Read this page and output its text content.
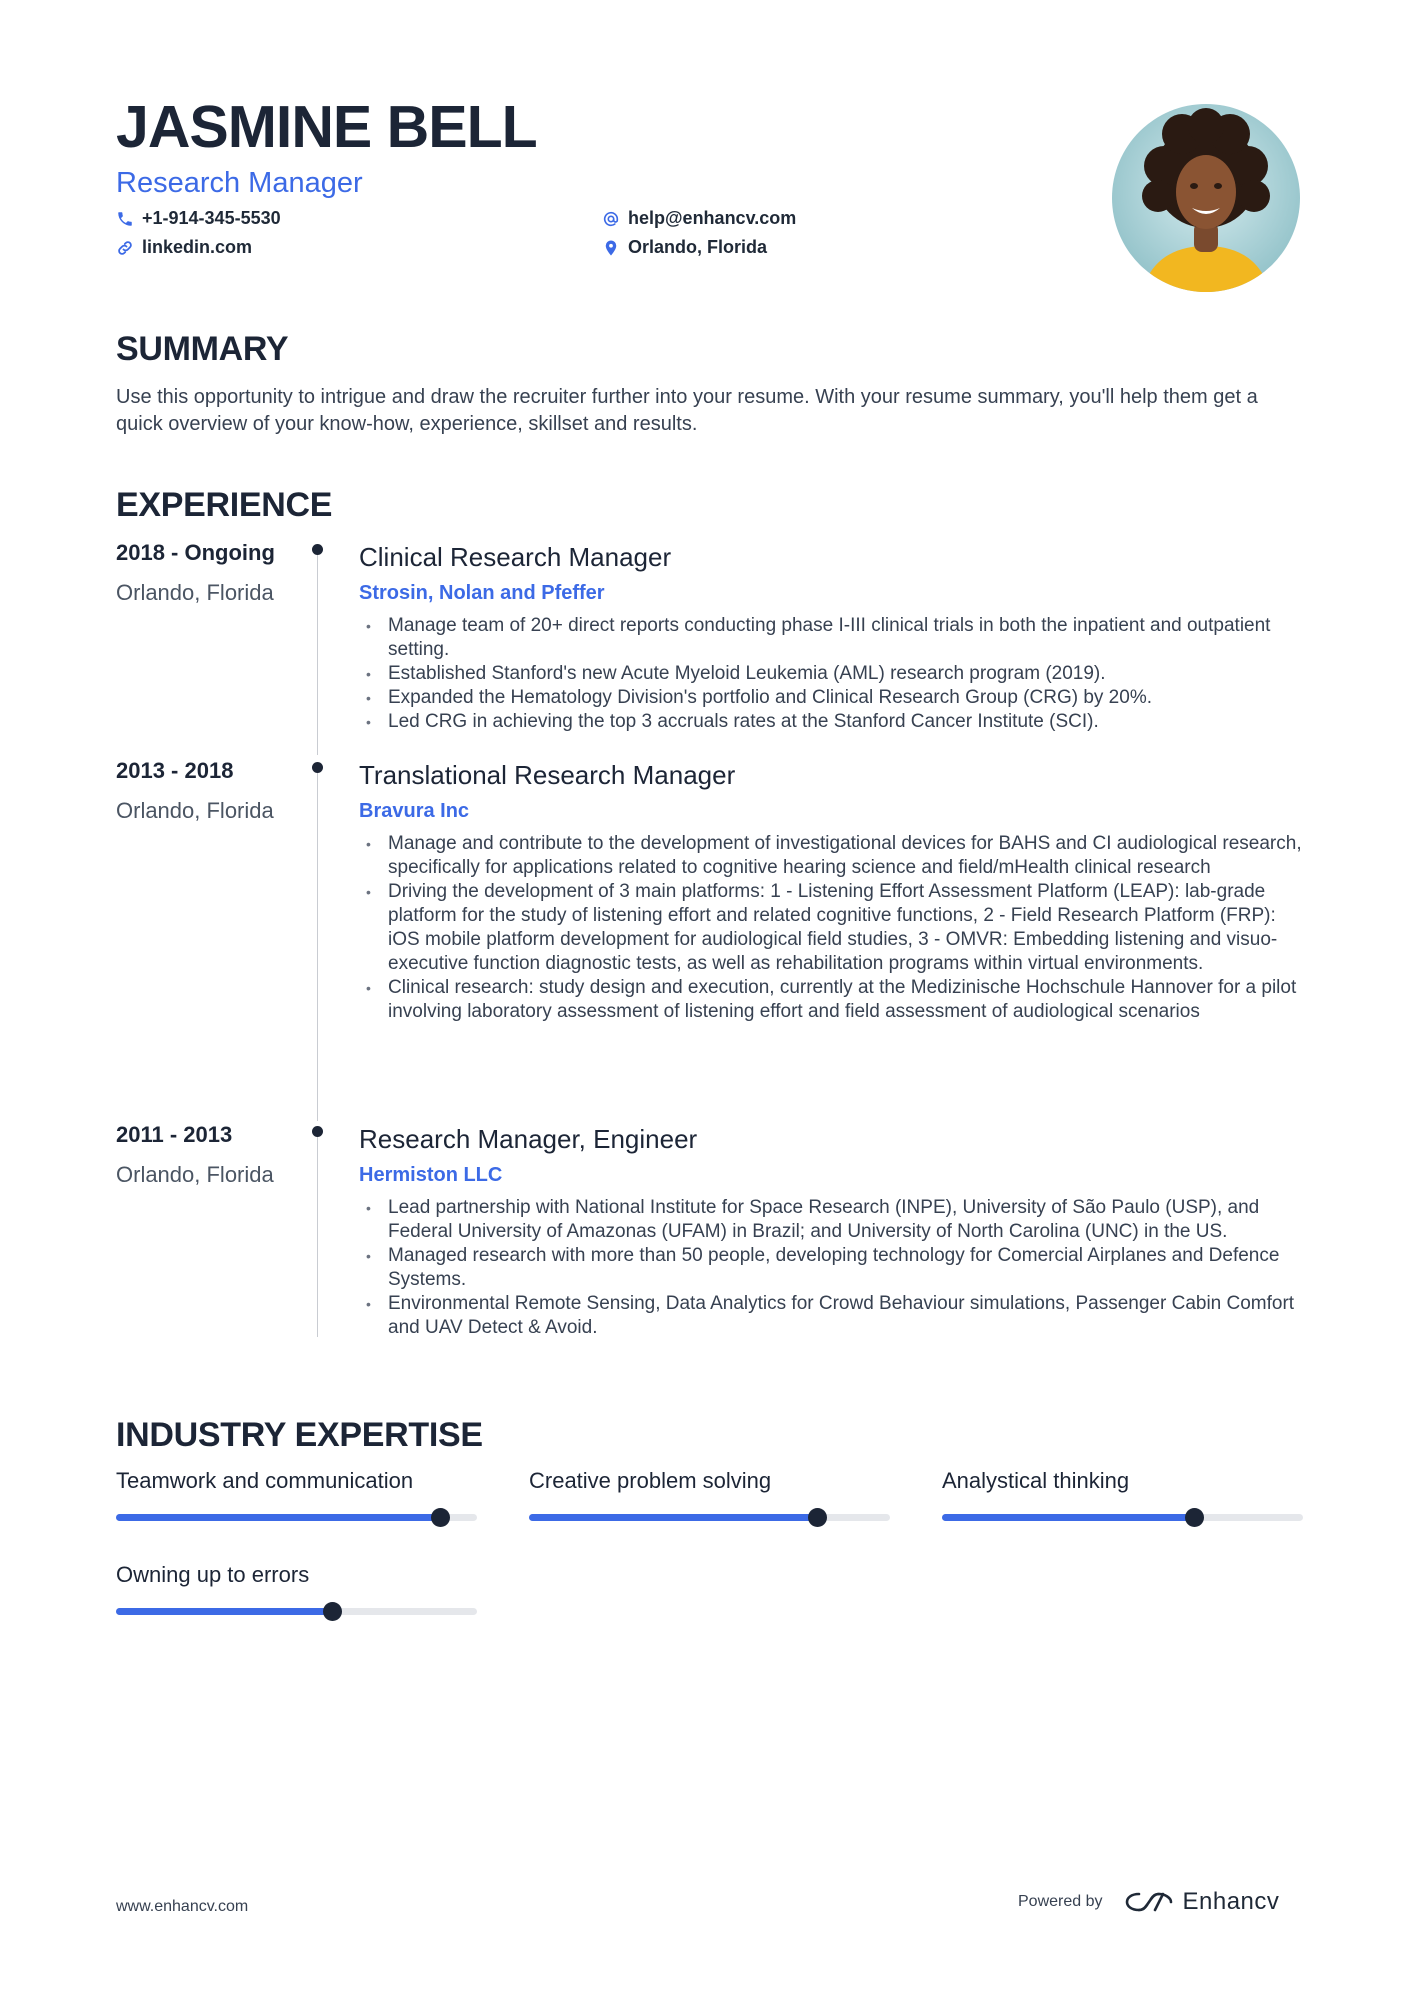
JASMINE BELL
Research Manager
+1-914-345-5530
linkedin.com
help@enhancv.com
Orlando, Florida
SUMMARY
Use this opportunity to intrigue and draw the recruiter further into your resume. With your resume summary, you'll help them get a quick overview of your know-how, experience, skillset and results.
EXPERIENCE
2018 - Ongoing
Orlando, Florida
Clinical Research Manager
Strosin, Nolan and Pfeffer
• Manage team of 20+ direct reports conducting phase I-III clinical trials in both the inpatient and outpatient setting.
• Established Stanford's new Acute Myeloid Leukemia (AML) research program (2019).
• Expanded the Hematology Division's portfolio and Clinical Research Group (CRG) by 20%.
• Led CRG in achieving the top 3 accruals rates at the Stanford Cancer Institute (SCI).
2013 - 2018
Orlando, Florida
Translational Research Manager
Bravura Inc
• Manage and contribute to the development of investigational devices for BAHS and CI audiological research, specifically for applications related to cognitive hearing science and field/mHealth clinical research
• Driving the development of 3 main platforms: 1 - Listening Effort Assessment Platform (LEAP): lab-grade platform for the study of listening effort and related cognitive functions, 2 - Field Research Platform (FRP): iOS mobile platform development for audiological field studies, 3 - OMVR: Embedding listening and visuo-executive function diagnostic tests, as well as rehabilitation programs within virtual environments.
• Clinical research: study design and execution, currently at the Medizinische Hochschule Hannover for a pilot involving laboratory assessment of listening effort and field assessment of audiological scenarios
2011 - 2013
Orlando, Florida
Research Manager, Engineer
Hermiston LLC
• Lead partnership with National Institute for Space Research (INPE), University of São Paulo (USP), and Federal University of Amazonas (UFAM) in Brazil; and University of North Carolina (UNC) in the US.
• Managed research with more than 50 people, developing technology for Comercial Airplanes and Defence Systems.
• Environmental Remote Sensing, Data Analytics for Crowd Behaviour simulations, Passenger Cabin Comfort and UAV Detect & Avoid.
INDUSTRY EXPERTISE
Teamwork and communication	Creative problem solving	Analystical thinking
Owning up to errors
www.enhancv.com	Powered by	Enhancv
